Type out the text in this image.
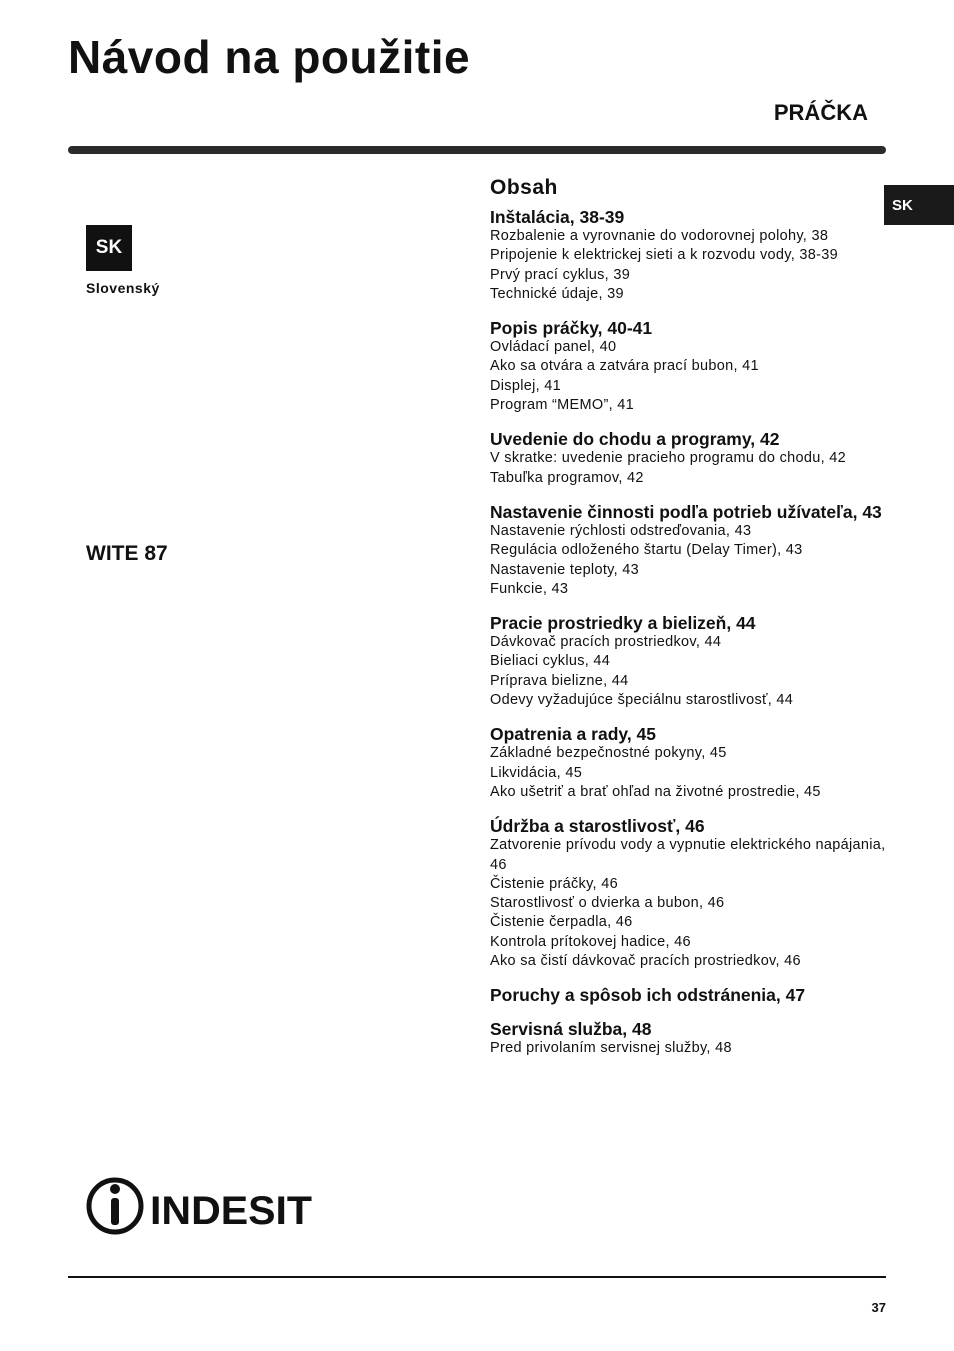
Návod na použitie
PRÁČKA
SK
Slovenský
SK
WITE 87
Obsah
Inštalácia, 38-39
Rozbalenie a vyrovnanie do vodorovnej polohy, 38
Pripojenie k elektrickej sieti a k rozvodu vody, 38-39
Prvý prací cyklus, 39
Technické údaje, 39
Popis práčky, 40-41
Ovládací panel, 40
Ako sa otvára a zatvára prací bubon, 41
Displej, 41
Program “MEMO”, 41
Uvedenie do chodu a programy, 42
V skratke: uvedenie pracieho programu do chodu, 42
Tabuľka programov, 42
Nastavenie činnosti podľa potrieb užívateľa, 43
Nastavenie rýchlosti odstreďovania, 43
Regulácia odloženého štartu (Delay Timer), 43
Nastavenie teploty, 43
Funkcie, 43
Pracie prostriedky a bielizeň, 44
Dávkovač pracích prostriedkov, 44
Bieliaci cyklus, 44
Príprava bielizne, 44
Odevy vyžadujúce špeciálnu starostlivosť, 44
Opatrenia a rady, 45
Základné bezpečnostné pokyny, 45
Likvidácia, 45
Ako ušetriť a brať ohľad na životné prostredie, 45
Údržba a starostlivosť, 46
Zatvorenie prívodu vody a vypnutie elektrického napájania, 46
Čistenie práčky, 46
Starostlivosť o dvierka a bubon, 46
Čistenie čerpadla, 46
Kontrola prítokovej hadice, 46
Ako sa čistí dávkovač pracích prostriedkov, 46
Poruchy a spôsob ich odstránenia, 47
Servisná služba, 48
Pred privolaním servisnej služby, 48
INDESIT
37
